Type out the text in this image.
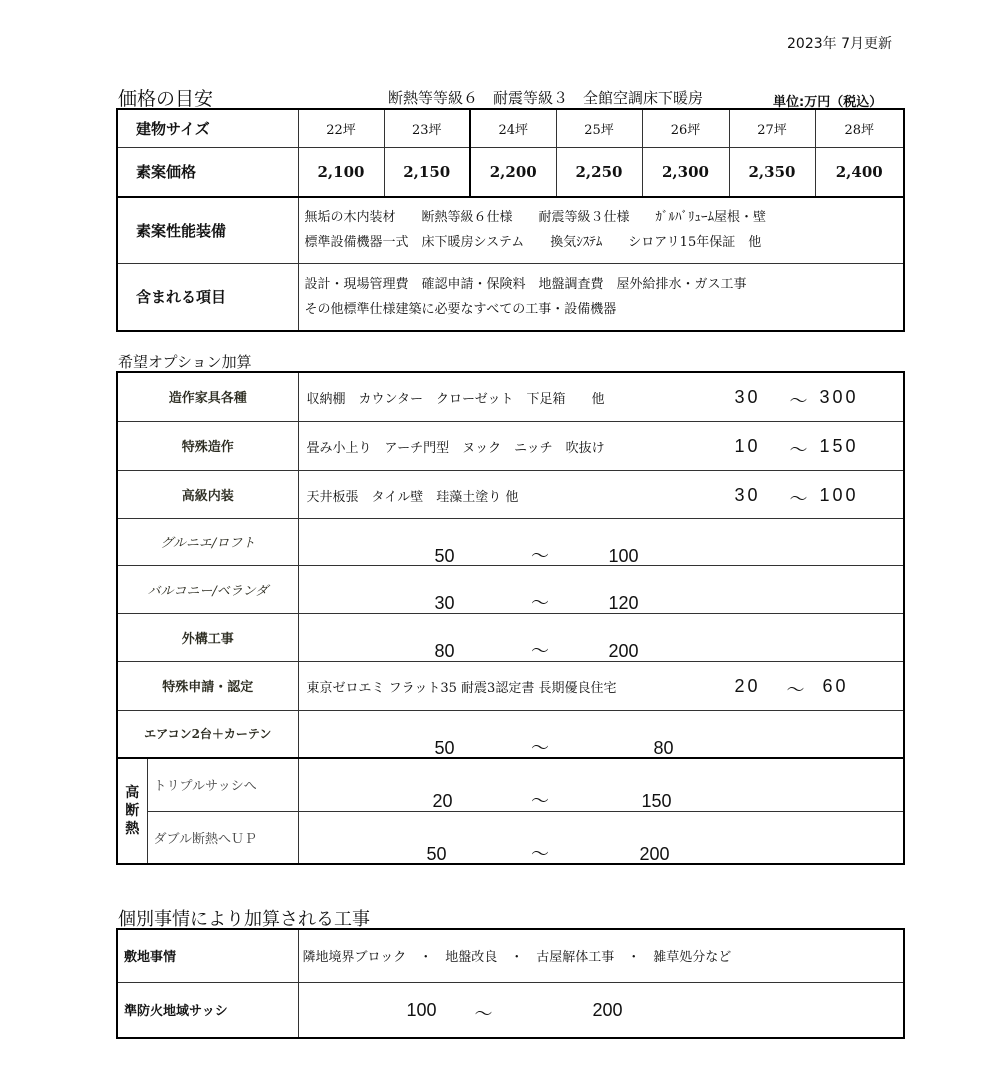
2023年 7月更新
価格の目安	断熱等等級６　耐震等級３　全館空調床下暖房	単位:万円（税込）
建物サイズ	22坪	23坪	24坪	25坪	26坪	27坪	28坪
素案価格	2,100	2,150	2,200	2,250	2,300	2,350	2,400
素案性能装備	無垢の木内装材　　断熱等級６仕様　　耐震等級３仕様　　ｶﾞﾙﾊﾞﾘｭｰﾑ屋根・壁
標準設備機器一式　床下暖房システム　　換気ｼｽﾃﾑ　　シロアリ15年保証　他						

含まれる項目	設計・現場管理費　確認申請・保険料　地盤調査費　屋外給排水・ガス工事
その他標準仕様建築に必要なすべての工事・設備機器						
希望オプション加算
造作家具各種		収納棚　カウンター　クローゼット　下足箱　　他 30 ～ 300

特殊造作		畳み小上り　アーチ門型　ヌック　ニッチ　吹抜け 10 ～ 150

高級内装		天井板張　タイル壁　珪藻土塗り 他 30 ～ 100

グルニエ/ロフト		50 ～ 100
バルコニー/ベランダ		30 ～ 120
外構工事		80 ～ 200
特殊申請・認定		東京ゼロエミ フラット35 耐震3認定書 長期優良住宅 20 ～ 60

エアコン2台＋カーテン		50 ～ 80

高断熱	トリプルサッシへ	20 ～ 150
	ダブル断熱へＵＰ	50 ～ 200
個別事情により加算される工事
敷地事情	隣地境界ブロック　・　地盤改良　・　古屋解体工事　・　雑草処分など
準防火地域サッシ	100 ～ 200
